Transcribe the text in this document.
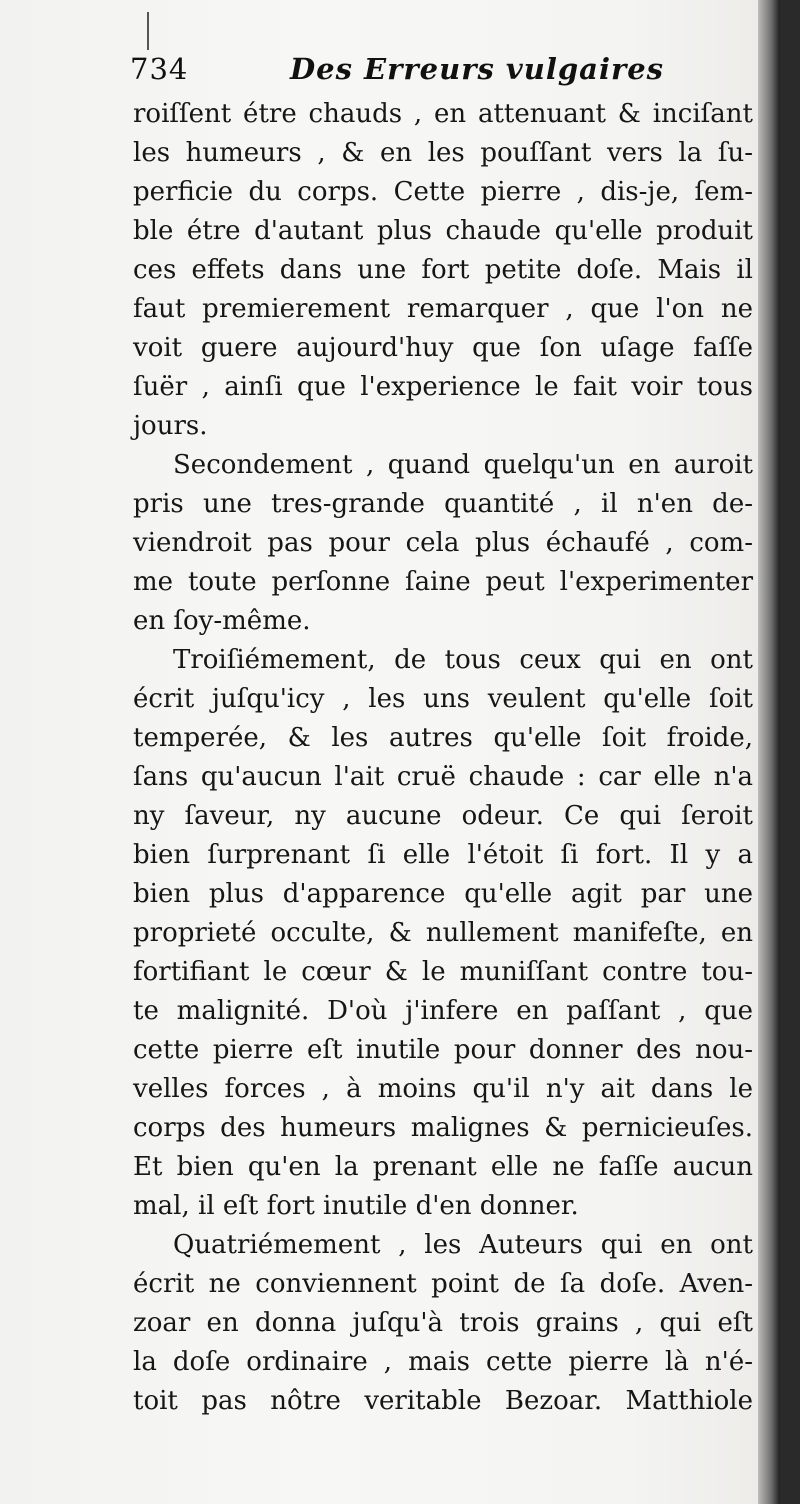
734	Des Erreurs vulgaires
roiſſent étre chauds , en attenuant & inciſant
les humeurs , & en les pouſſant vers la ſu-
perficie du corps. Cette pierre , dis-je, ſem-
ble étre d'autant plus chaude qu'elle produit
ces effets dans une fort petite doſe. Mais il
faut premierement remarquer , que l'on ne
voit guere aujourd'huy que ſon uſage faſſe
ſuër , ainſi que l'experience le fait voir tous
jours.
Secondement , quand quelqu'un en auroit
pris une tres-grande quantité , il n'en de-
viendroit pas pour cela plus échaufé , com-
me toute perſonne ſaine peut l'experimenter
en ſoy-même.
Troiſiémement, de tous ceux qui en ont
écrit juſqu'icy , les uns veulent qu'elle ſoit
temperée, & les autres qu'elle ſoit froide,
ſans qu'aucun l'ait cruë chaude : car elle n'a
ny ſaveur, ny aucune odeur. Ce qui ſeroit
bien ſurprenant ſi elle l'étoit ſi fort. Il y a
bien plus d'apparence qu'elle agit par une
proprieté occulte, & nullement manifeſte, en
fortifiant le cœur & le muniſſant contre tou-
te malignité. D'où j'infere en paſſant , que
cette pierre eſt inutile pour donner des nou-
velles forces , à moins qu'il n'y ait dans le
corps des humeurs malignes & pernicieuſes.
Et bien qu'en la prenant elle ne faſſe aucun
mal, il eſt fort inutile d'en donner.
Quatriémement , les Auteurs qui en ont
écrit ne conviennent point de ſa doſe. Aven-
zoar en donna juſqu'à trois grains , qui eſt
la doſe ordinaire , mais cette pierre là n'é-
toit pas nôtre veritable Bezoar. Matthiole
